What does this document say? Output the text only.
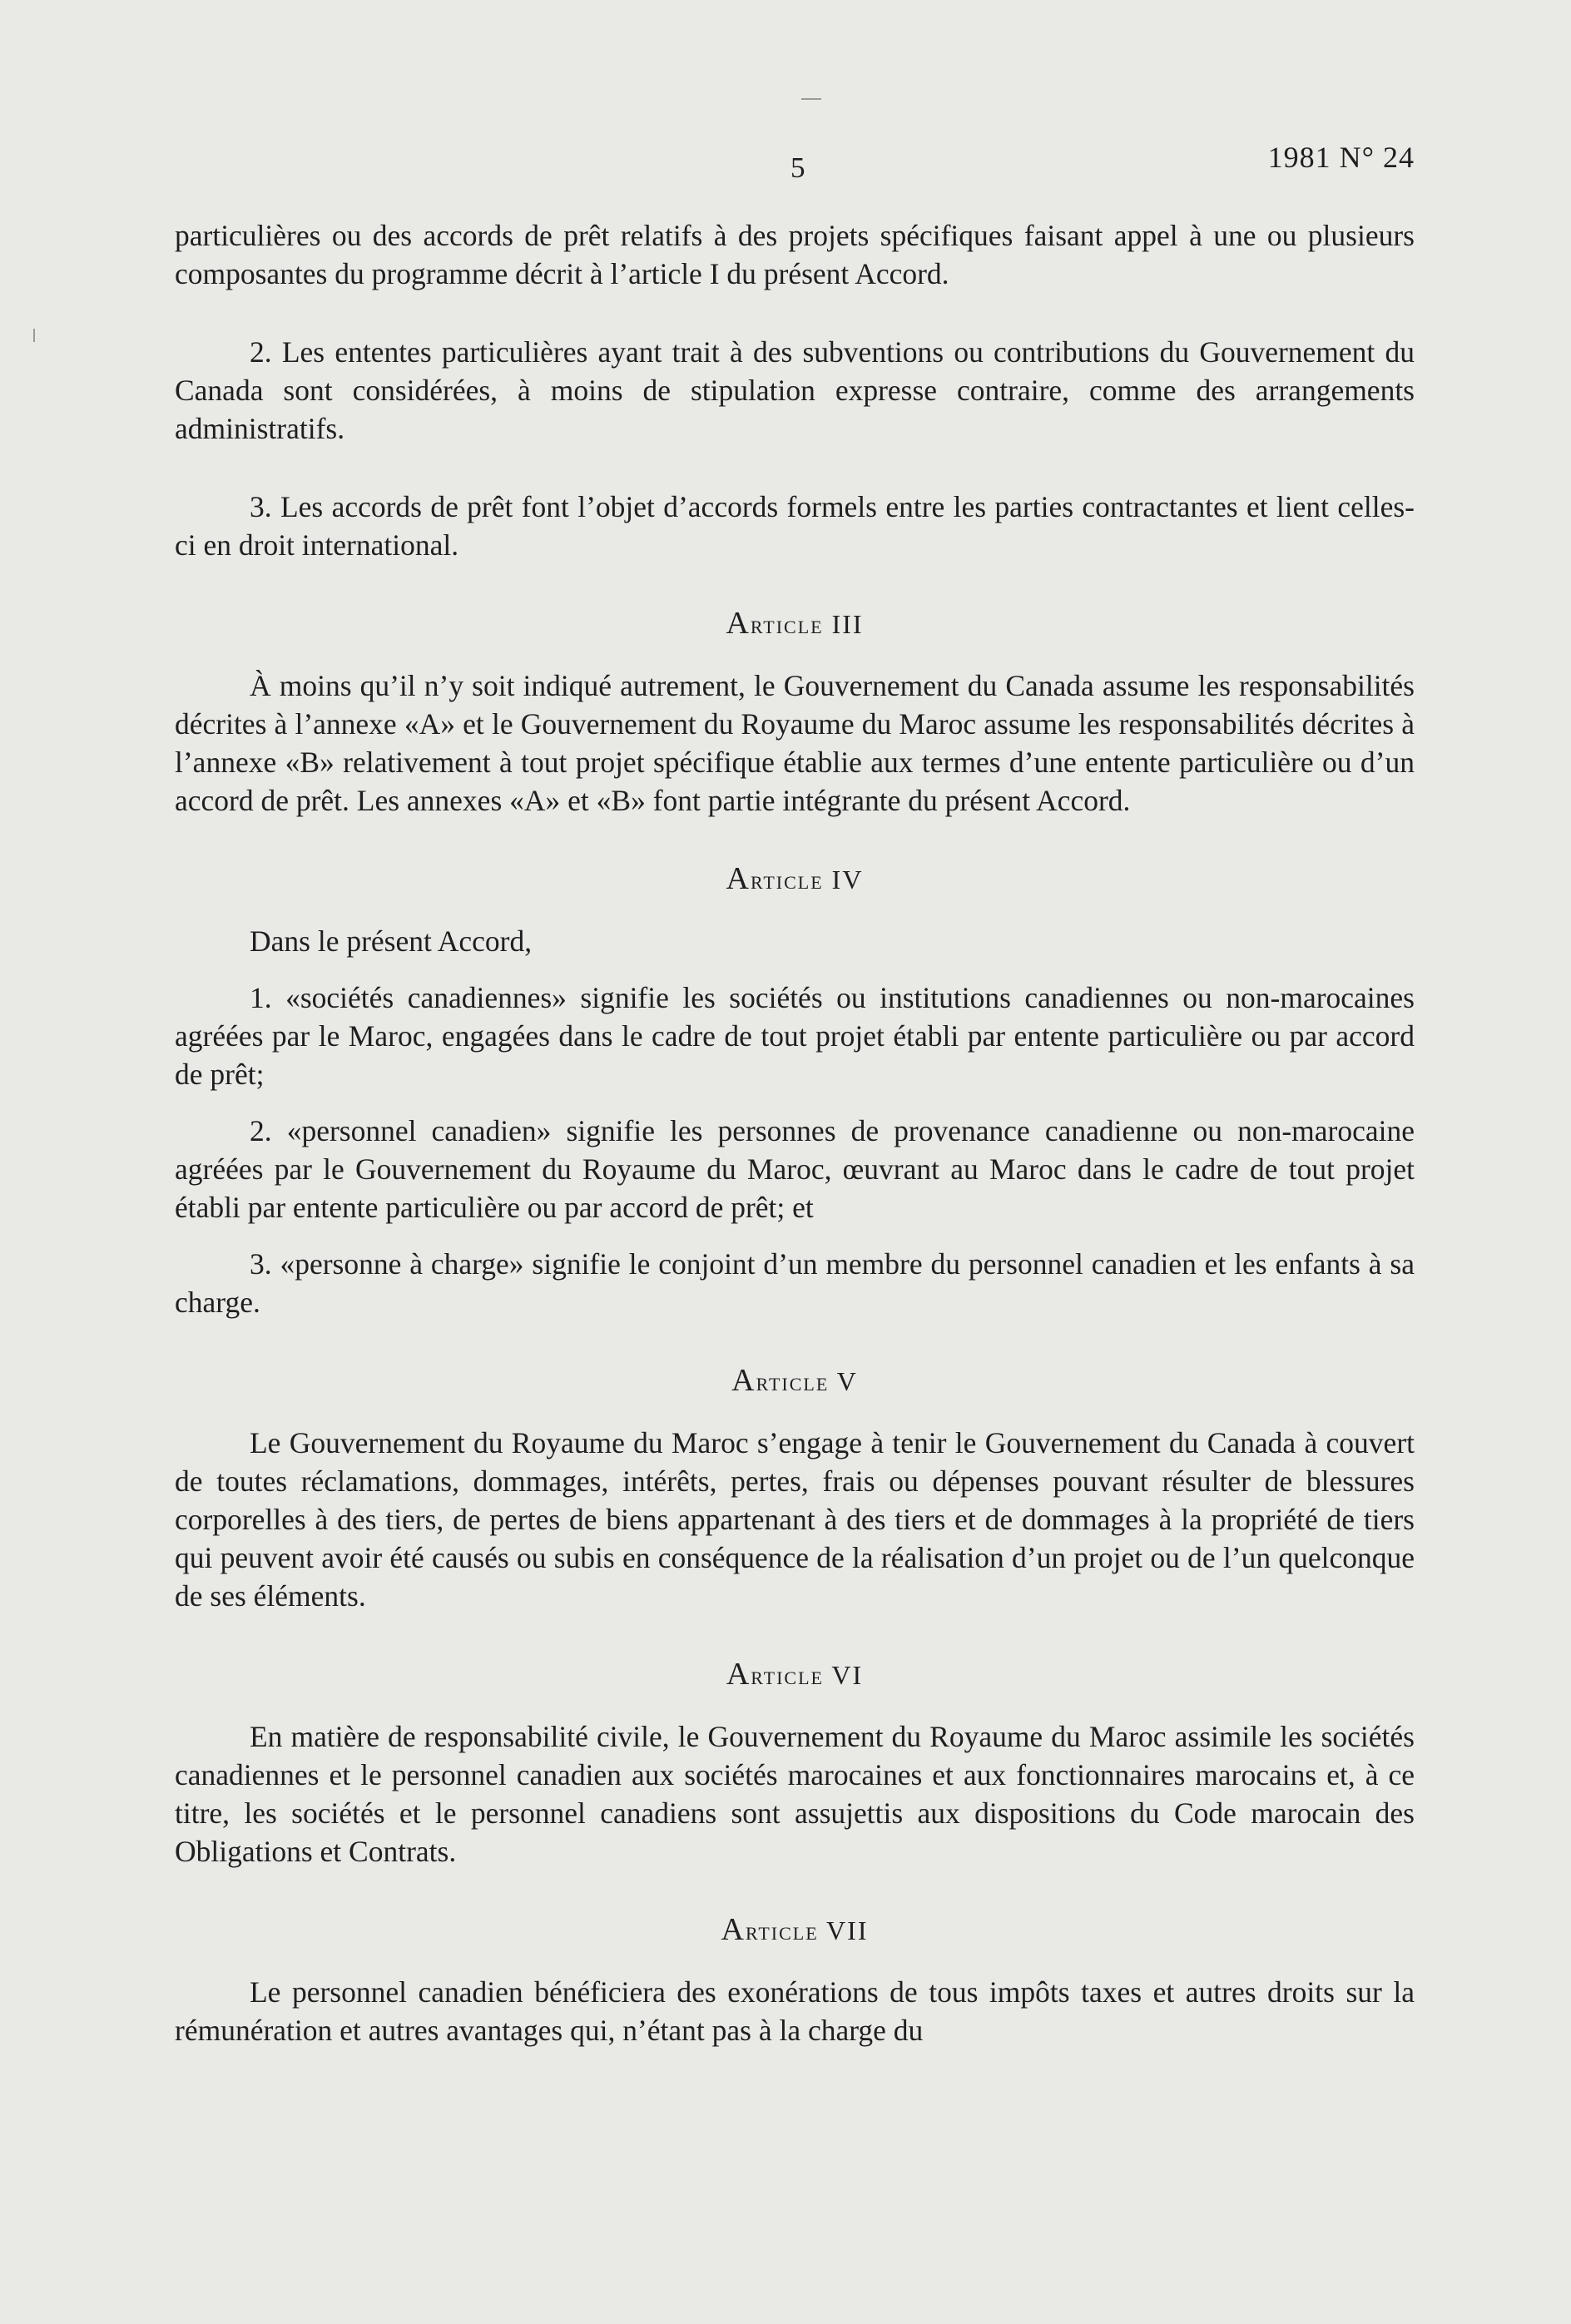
5	1981 N° 24

particulières ou des accords de prêt relatifs à des projets spécifiques faisant appel à une ou plusieurs composantes du programme décrit à l’article I du présent Accord.

2. Les ententes particulières ayant trait à des subventions ou contributions du Gouvernement du Canada sont considérées, à moins de stipulation expresse contraire, comme des arrangements administratifs.

3. Les accords de prêt font l’objet d’accords formels entre les parties contractantes et lient celles-ci en droit international.

Article III

À moins qu’il n’y soit indiqué autrement, le Gouvernement du Canada assume les responsabilités décrites à l’annexe «A» et le Gouvernement du Royaume du Maroc assume les responsabilités décrites à l’annexe «B» relativement à tout projet spécifique établie aux termes d’une entente particulière ou d’un accord de prêt. Les annexes «A» et «B» font partie intégrante du présent Accord.

Article IV

Dans le présent Accord,

1. «sociétés canadiennes» signifie les sociétés ou institutions canadiennes ou non-marocaines agréées par le Maroc, engagées dans le cadre de tout projet établi par entente particulière ou par accord de prêt;

2. «personnel canadien» signifie les personnes de provenance canadienne ou non-marocaine agréées par le Gouvernement du Royaume du Maroc, œuvrant au Maroc dans le cadre de tout projet établi par entente particulière ou par accord de prêt; et

3. «personne à charge» signifie le conjoint d’un membre du personnel canadien et les enfants à sa charge.

Article V

Le Gouvernement du Royaume du Maroc s’engage à tenir le Gouvernement du Canada à couvert de toutes réclamations, dommages, intérêts, pertes, frais ou dépenses pouvant résulter de blessures corporelles à des tiers, de pertes de biens appartenant à des tiers et de dommages à la propriété de tiers qui peuvent avoir été causés ou subis en conséquence de la réalisation d’un projet ou de l’un quelconque de ses éléments.

Article VI

En matière de responsabilité civile, le Gouvernement du Royaume du Maroc assimile les sociétés canadiennes et le personnel canadien aux sociétés marocaines et aux fonctionnaires marocains et, à ce titre, les sociétés et le personnel canadiens sont assujettis aux dispositions du Code marocain des Obligations et Contrats.

Article VII

Le personnel canadien bénéficiera des exonérations de tous impôts taxes et autres droits sur la rémunération et autres avantages qui, n’étant pas à la charge du
